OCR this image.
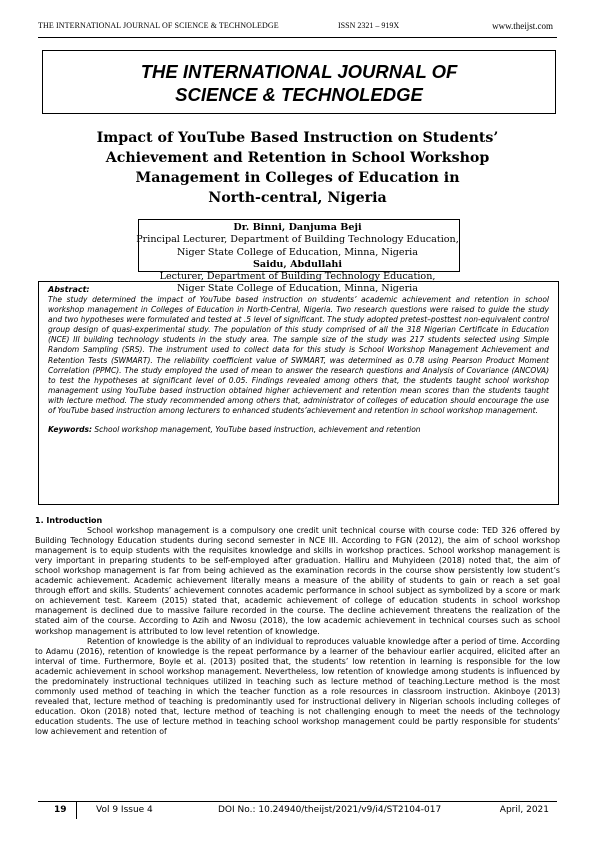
THE INTERNATIONAL JOURNAL OF SCIENCE & TECHNOLEDGE	ISSN 2321 – 919X	www.theijst.com
THE INTERNATIONAL JOURNAL OF
SCIENCE & TECHNOLEDGE
Impact of YouTube Based Instruction on Students’
Achievement and Retention in School Workshop
Management in Colleges of Education in
North-central, Nigeria
Dr. Binni, Danjuma Beji
Principal Lecturer, Department of Building Technology Education,
Niger State College of Education, Minna, Nigeria
Saidu, Abdullahi
Lecturer, Department of Building Technology Education,
Niger State College of Education, Minna, Nigeria
Abstract:
The study determined the impact of YouTube based instruction on students’ academic achievement and retention in school workshop management in Colleges of Education in North-Central, Nigeria. Two research questions were raised to guide the study and two hypotheses were formulated and tested at .5 level of significant. The study adopted pretest–posttest non-equivalent control group design of quasi-experimental study. The population of this study comprised of all the 318 Nigerian Certificate in Education (NCE) III building technology students in the study area. The sample size of the study was 217 students selected using Simple Random Sampling (SRS). The instrument used to collect data for this study is School Workshop Management Achievement and Retention Tests (SWMART). The reliability coefficient value of SWMART, was determined as 0.78 using Pearson Product Moment Correlation (PPMC). The study employed the used of mean to answer the research questions and Analysis of Covariance (ANCOVA) to test the hypotheses at significant level of 0.05. Findings revealed among others that, the students taught school workshop management using YouTube based instruction obtained higher achievement and retention mean scores than the students taught with lecture method. The study recommended among others that, administrator of colleges of education should encourage the use of YouTube based instruction among lecturers to enhanced students’achievement and retention in school workshop management.
Keywords: School workshop management, YouTube based instruction, achievement and retention
1. Introduction

School workshop management is a compulsory one credit unit technical course with course code: TED 326 offered by Building Technology Education students during second semester in NCE III. According to FGN (2012), the aim of school workshop management is to equip students with the requisites knowledge and skills in workshop practices. School workshop management is very important in preparing students to be self-employed after graduation. Halliru and Muhyideen (2018) noted that, the aim of school workshop management is far from being achieved as the examination records in the course show persistently low student’s academic achievement. Academic achievement literally means a measure of the ability of students to gain or reach a set goal through effort and skills. Students’ achievement connotes academic performance in school subject as symbolized by a score or mark on achievement test. Kareem (2015) stated that, academic achievement of college of education students in school workshop management is declined due to massive failure recorded in the course. The decline achievement threatens the realization of the stated aim of the course. According to Azih and Nwosu (2018), the low academic achievement in technical courses such as school workshop management is attributed to low level retention of knowledge.

Retention of knowledge is the ability of an individual to reproduces valuable knowledge after a period of time. According to Adamu (2016), retention of knowledge is the repeat performance by a learner of the behaviour earlier acquired, elicited after an interval of time. Furthermore, Boyle et al. (2013) posited that, the students’ low retention in learning is responsible for the low academic achievement in school workshop management. Nevertheless, low retention of knowledge among students is influenced by the predominately instructional techniques utilized in teaching such as lecture method of teaching.Lecture method is the most commonly used method of teaching in which the teacher function as a role resources in classroom instruction. Akinboye (2013) revealed that, lecture method of teaching is predominantly used for instructional delivery in Nigerian schools including colleges of education. Okon (2018) noted that, lecture method of teaching is not challenging enough to meet the needs of the technology education students. The use of lecture method in teaching school workshop management could be partly responsible for students’ low achievement and retention of

19	Vol 9 Issue 4	DOI No.: 10.24940/theijst/2021/v9/i4/ST2104-017	April, 2021
